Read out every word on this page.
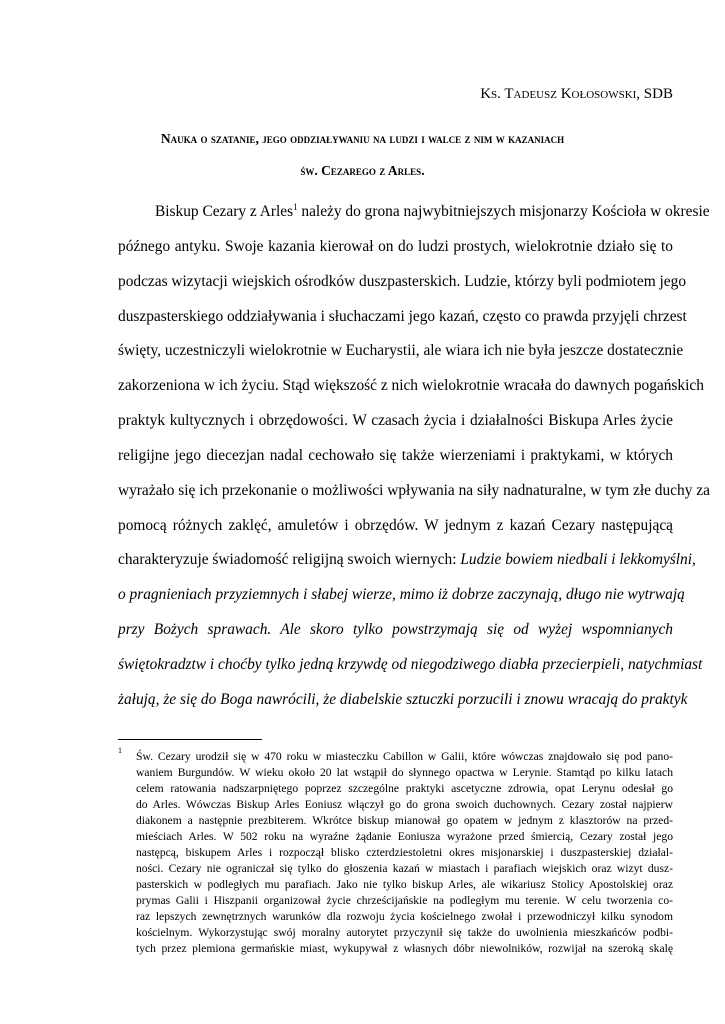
Ks. Tadeusz Kołosowski, SDB
Nauka o szatanie, jego oddziaływaniu na ludzi i walce z nim w kazaniach
św. Cezarego z Arles.
Biskup Cezary z Arles$^1$ należy do grona najwybitniejszych misjonarzy Kościoła w okresie
późnego antyku. Swoje kazania kierował on do ludzi prostych, wielokrotnie działo się to
podczas wizytacji wiejskich ośrodków duszpasterskich. Ludzie, którzy byli podmiotem jego
duszpasterskiego oddziaływania i słuchaczami jego kazań, często co prawda przyjęli chrzest
święty, uczestniczyli wielokrotnie w Eucharystii, ale wiara ich nie była jeszcze dostatecznie
zakorzeniona w ich życiu. Stąd większość z nich wielokrotnie wracała do dawnych pogańskich
praktyk kultycznych i obrzędowości. W czasach życia i działalności Biskupa Arles życie
religijne jego diecezjan nadal cechowało się także wierzeniami i praktykami, w których
wyrażało się ich przekonanie o możliwości wpływania na siły nadnaturalne, w tym złe duchy za
pomocą różnych zaklęć, amuletów i obrzędów. W jednym z kazań Cezary następującą
charakteryzuje świadomość religijną swoich wiernych: Ludzie bowiem niedbali i lekkomyślni,
o pragnieniach przyziemnych i słabej wierze, mimo iż dobrze zaczynają, długo nie wytrwają
przy Bożych sprawach. Ale skoro tylko powstrzymają się od wyżej wspomnianych
świętokradztw i choćby tylko jedną krzywdę od niegodziwego diabła przecierpieli, natychmiast
żałują, że się do Boga nawrócili, że diabelskie sztuczki porzucili i znowu wracają do praktyk
1 Św. Cezary urodził się w 470 roku w miasteczku Cabillon w Galii, które wówczas znajdowało się pod pano-
waniem Burgundów. W wieku około 20 lat wstąpił do słynnego opactwa w Lerynie. Stamtąd po kilku latach
celem ratowania nadszarpniętego poprzez szczególne praktyki ascetyczne zdrowia, opat Lerynu odesłał go
do Arles. Wówczas Biskup Arles Eoniusz włączył go do grona swoich duchownych. Cezary został najpierw
diakonem a następnie prezbiterem. Wkrótce biskup mianował go opatem w jednym z klasztorów na przed-
mieściach Arles. W 502 roku na wyraźne żądanie Eoniusza wyrażone przed śmiercią, Cezary został jego
następcą, biskupem Arles i rozpoczął blisko czterdziestoletni okres misjonarskiej i duszpasterskiej działal-
ności. Cezary nie ograniczał się tylko do głoszenia kazań w miastach i parafiach wiejskich oraz wizyt dusz-
pasterskich w podległych mu parafiach. Jako nie tylko biskup Arles, ale wikariusz Stolicy Apostolskiej oraz
prymas Galii i Hiszpanii organizował życie chrześcijańskie na podległym mu terenie. W celu tworzenia co-
raz lepszych zewnętrznych warunków dla rozwoju życia kościelnego zwołał i przewodniczył kilku synodom
kościelnym. Wykorzystując swój moralny autorytet przyczynił się także do uwolnienia mieszkańców podbi-
tych przez plemiona germańskie miast, wykupywał z własnych dóbr niewolników, rozwijał na szeroką skalę
